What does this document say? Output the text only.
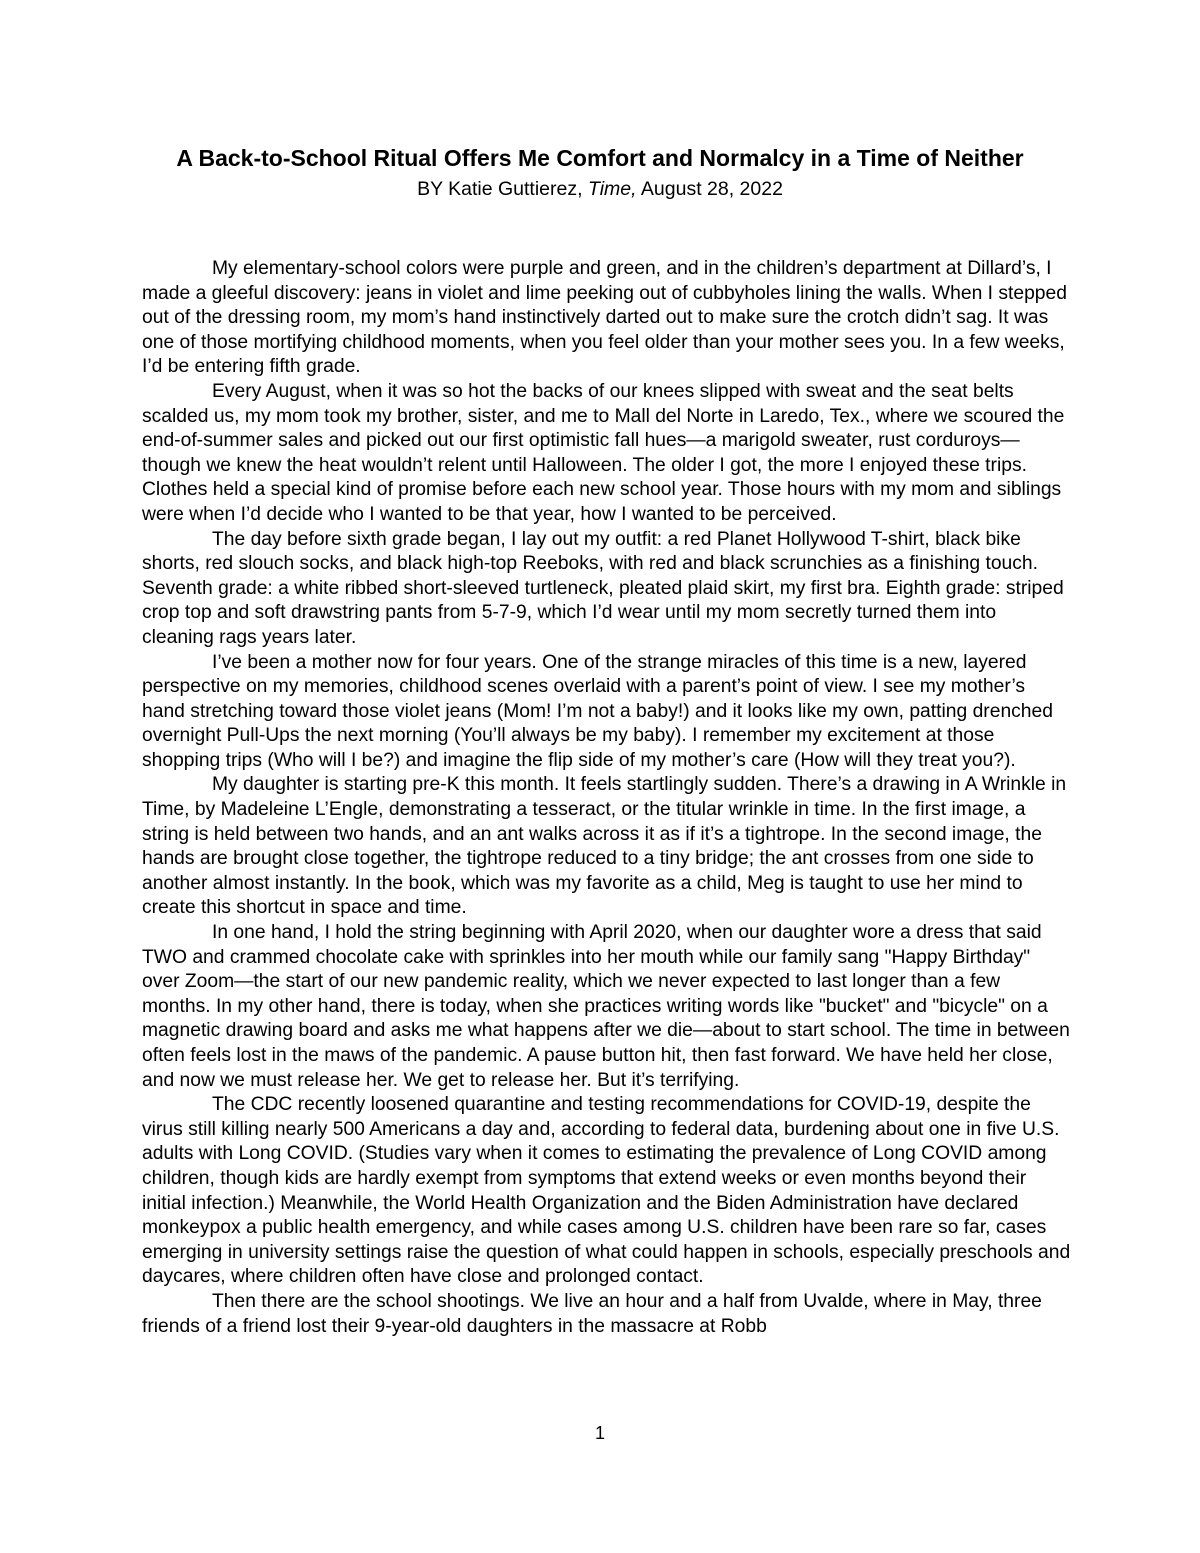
A Back-to-School Ritual Offers Me Comfort and Normalcy in a Time of Neither

BY Katie Guttierez, Time, August 28, 2022

My elementary-school colors were purple and green, and in the children’s department at Dillard’s, I made a gleeful discovery: jeans in violet and lime peeking out of cubbyholes lining the walls. When I stepped out of the dressing room, my mom’s hand instinctively darted out to make sure the crotch didn’t sag. It was one of those mortifying childhood moments, when you feel older than your mother sees you. In a few weeks, I’d be entering fifth grade.

Every August, when it was so hot the backs of our knees slipped with sweat and the seat belts scalded us, my mom took my brother, sister, and me to Mall del Norte in Laredo, Tex., where we scoured the end-of-summer sales and picked out our first optimistic fall hues—a marigold sweater, rust corduroys—though we knew the heat wouldn’t relent until Halloween. The older I got, the more I enjoyed these trips. Clothes held a special kind of promise before each new school year. Those hours with my mom and siblings were when I’d decide who I wanted to be that year, how I wanted to be perceived.

The day before sixth grade began, I lay out my outfit: a red Planet Hollywood T-shirt, black bike shorts, red slouch socks, and black high-top Reeboks, with red and black scrunchies as a finishing touch. Seventh grade: a white ribbed short-sleeved turtleneck, pleated plaid skirt, my first bra. Eighth grade: striped crop top and soft drawstring pants from 5-7-9, which I’d wear until my mom secretly turned them into cleaning rags years later.

I’ve been a mother now for four years. One of the strange miracles of this time is a new, layered perspective on my memories, childhood scenes overlaid with a parent’s point of view. I see my mother’s hand stretching toward those violet jeans (Mom! I’m not a baby!) and it looks like my own, patting drenched overnight Pull-Ups the next morning (You’ll always be my baby). I remember my excitement at those shopping trips (Who will I be?) and imagine the flip side of my mother’s care (How will they treat you?).

My daughter is starting pre-K this month. It feels startlingly sudden. There’s a drawing in A Wrinkle in Time, by Madeleine L’Engle, demonstrating a tesseract, or the titular wrinkle in time. In the first image, a string is held between two hands, and an ant walks across it as if it’s a tightrope. In the second image, the hands are brought close together, the tightrope reduced to a tiny bridge; the ant crosses from one side to another almost instantly. In the book, which was my favorite as a child, Meg is taught to use her mind to create this shortcut in space and time.

In one hand, I hold the string beginning with April 2020, when our daughter wore a dress that said TWO and crammed chocolate cake with sprinkles into her mouth while our family sang "Happy Birthday" over Zoom—the start of our new pandemic reality, which we never expected to last longer than a few months. In my other hand, there is today, when she practices writing words like "bucket" and "bicycle" on a magnetic drawing board and asks me what happens after we die—about to start school. The time in between often feels lost in the maws of the pandemic. A pause button hit, then fast forward. We have held her close, and now we must release her. We get to release her. But it’s terrifying.

The CDC recently loosened quarantine and testing recommendations for COVID-19, despite the virus still killing nearly 500 Americans a day and, according to federal data, burdening about one in five U.S. adults with Long COVID. (Studies vary when it comes to estimating the prevalence of Long COVID among children, though kids are hardly exempt from symptoms that extend weeks or even months beyond their initial infection.) Meanwhile, the World Health Organization and the Biden Administration have declared monkeypox a public health emergency, and while cases among U.S. children have been rare so far, cases emerging in university settings raise the question of what could happen in schools, especially preschools and daycares, where children often have close and prolonged contact.

Then there are the school shootings. We live an hour and a half from Uvalde, where in May, three friends of a friend lost their 9-year-old daughters in the massacre at Robb

1
